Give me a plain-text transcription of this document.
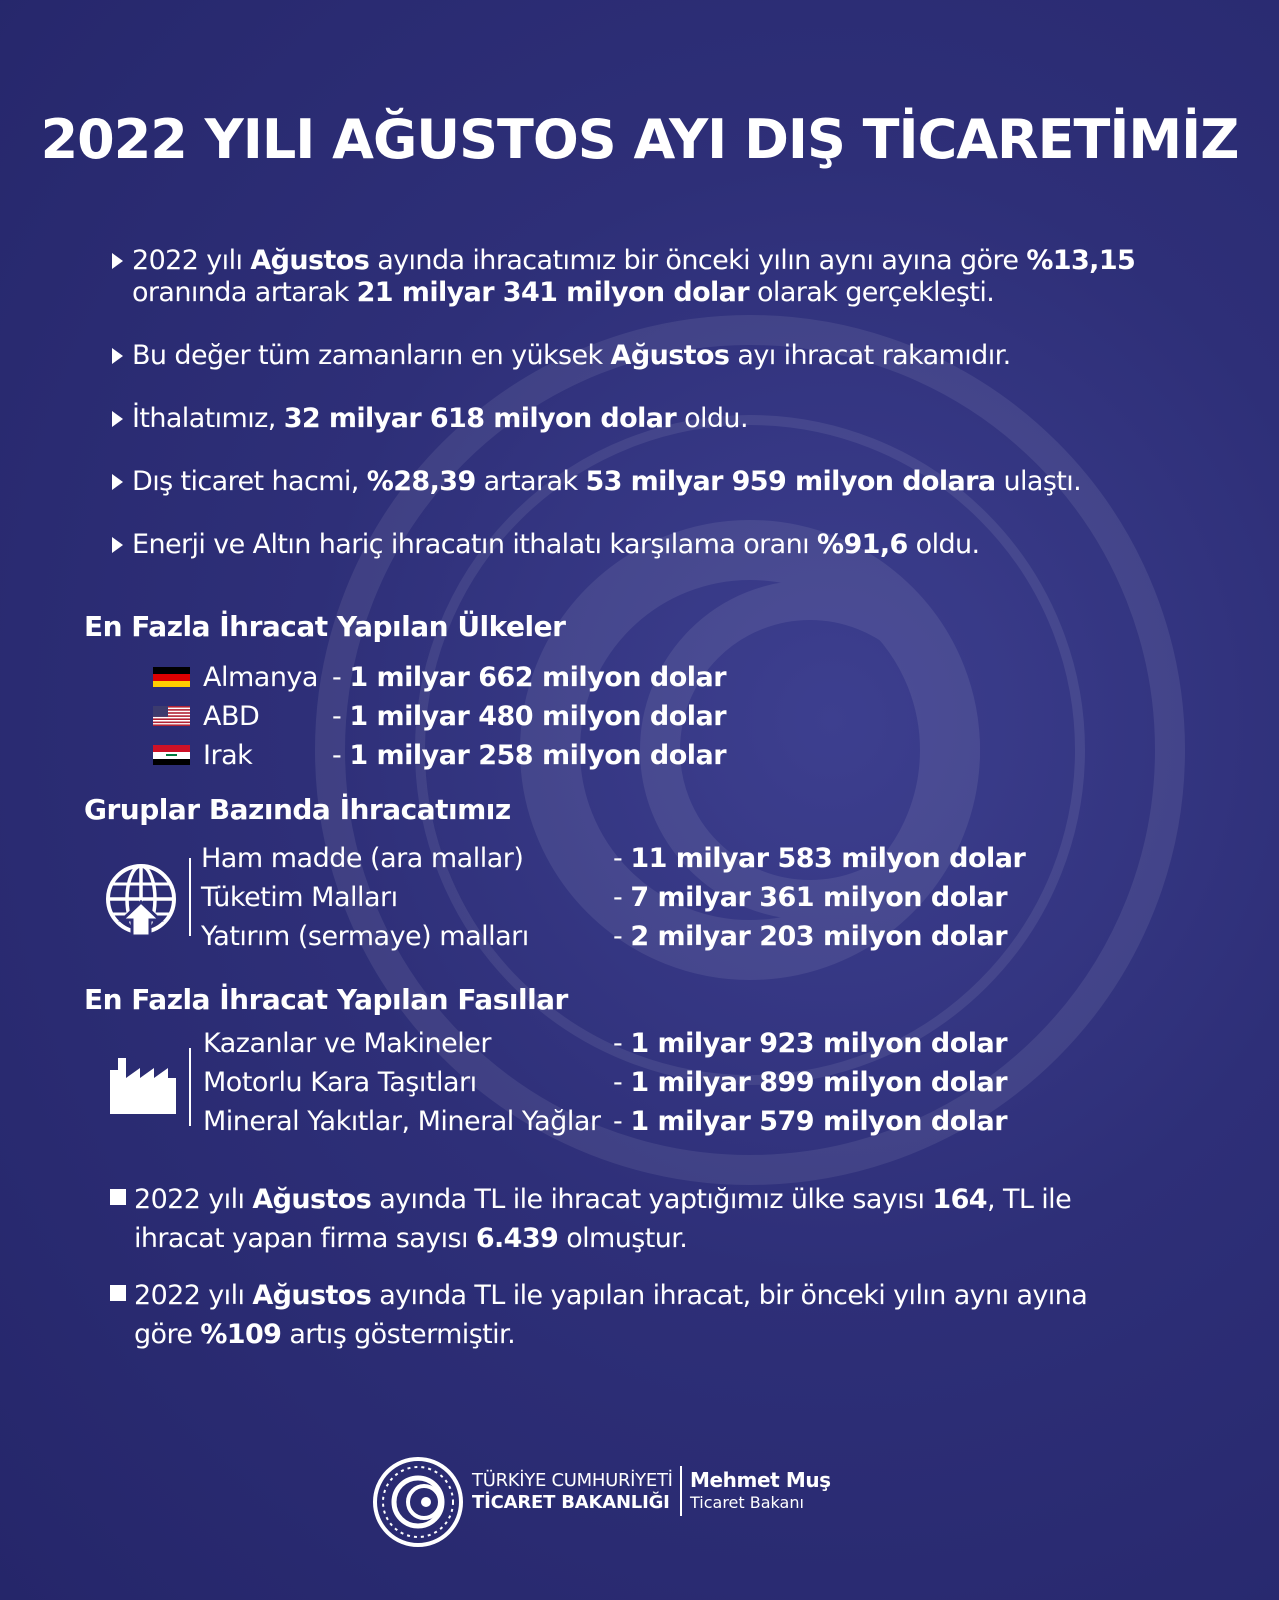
2022 YILI AĞUSTOS AYI DIŞ TİCARETİMİZ
2022 yılı Ağustos ayında ihracatımız bir önceki yılın aynı ayına göre %13,15 oranında artarak 21 milyar 341 milyon dolar olarak gerçekleşti.
Bu değer tüm zamanların en yüksek Ağustos ayı ihracat rakamıdır.
İthalatımız, 32 milyar 618 milyon dolar oldu.
Dış ticaret hacmi, %28,39 artarak 53 milyar 959 milyon dolara ulaştı.
Enerji ve Altın hariç ihracatın ithalatı karşılama oranı %91,6 oldu.
En Fazla İhracat Yapılan Ülkeler
Almanya - 1 milyar 662 milyon dolar
ABD	- 1 milyar 480 milyon dolar
Irak	- 1 milyar 258 milyon dolar
Gruplar Bazında İhracatımız
Ham madde (ara mallar)	- 11 milyar 583 milyon dolar
Tüketim Malları	- 7 milyar 361 milyon dolar
Yatırım (sermaye) malları	- 2 milyar 203 milyon dolar
En Fazla İhracat Yapılan Fasıllar
Kazanlar ve Makineler	- 1 milyar 923 milyon dolar
Motorlu Kara Taşıtları	- 1 milyar 899 milyon dolar
Mineral Yakıtlar, Mineral Yağlar - 1 milyar 579 milyon dolar
2022 yılı Ağustos ayında TL ile ihracat yaptığımız ülke sayısı 164, TL ile ihracat yapan firma sayısı 6.439 olmuştur.
2022 yılı Ağustos ayında TL ile yapılan ihracat, bir önceki yılın aynı ayına göre %109 artış göstermiştir.
TÜRKİYE CUMHURİYETİ
TİCARET BAKANLIĞI
Mehmet Muş
Ticaret Bakanı
